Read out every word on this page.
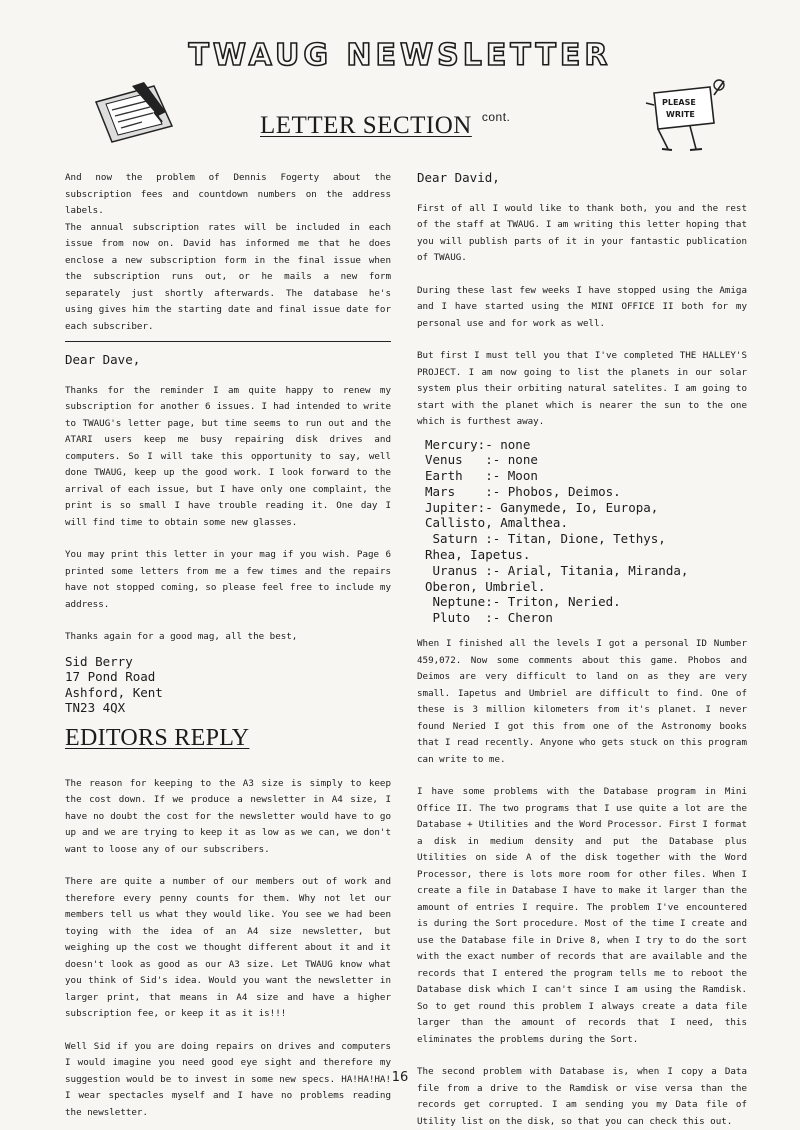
TWAUG NEWSLETTER
PLEASE
WRITE
LETTER SECTION cont.

And now the problem of Dennis Fogerty about the subscription fees and countdown numbers on the address labels.

The annual subscription rates will be included in each issue from now on. David has informed me that he does enclose a new subscription form in the final issue when the subscription runs out, or he mails a new form separately just shortly afterwards. The database he's using gives him the starting date and final issue date for each subscriber.

Dear Dave,

Thanks for the reminder I am quite happy to renew my subscription for another 6 issues. I had intended to write to TWAUG's letter page, but time seems to run out and the ATARI users keep me busy repairing disk drives and computers. So I will take this opportunity to say, well done TWAUG, keep up the good work. I look forward to the arrival of each issue, but I have only one complaint, the print is so small I have trouble reading it. One day I will find time to obtain some new glasses.

You may print this letter in your mag if you wish. Page 6 printed some letters from me a few times and the repairs have not stopped coming, so please feel free to include my address.

Thanks again for a good mag, all the best,

Sid Berry
17 Pond Road
Ashford, Kent
TN23 4QX
EDITORS REPLY

The reason for keeping to the A3 size is simply to keep the cost down. If we produce a newsletter in A4 size, I have no doubt the cost for the newsletter would have to go up and we are trying to keep it as low as we can, we don't want to loose any of our subscribers.

There are quite a number of our members out of work and therefore every penny counts for them. Why not let our members tell us what they would like. You see we had been toying with the idea of an A4 size newsletter, but weighing up the cost we thought different about it and it doesn't look as good as our A3 size. Let TWAUG know what you think of Sid's idea. Would you want the newsletter in larger print, that means in A4 size and have a higher subscription fee, or keep it as it is!!!

Well Sid if you are doing repairs on drives and computers I would imagine you need good eye sight and therefore my suggestion would be to invest in some new specs. HA!HA!HA! I wear spectacles myself and I have no problems reading the newsletter.

Dear David,

First of all I would like to thank both, you and the rest of the staff at TWAUG. I am writing this letter hoping that you will publish parts of it in your fantastic publication of TWAUG.

During these last few weeks I have stopped using the Amiga and I have started using the MINI OFFICE II both for my personal use and for work as well.

But first I must tell you that I've completed THE HALLEY'S PROJECT. I am now going to list the planets in our solar system plus their orbiting natural satelites. I am going to start with the planet which is nearer the sun to the one which is furthest away.

Mercury:- none
Venus   :- none
Earth   :- Moon
Mars    :- Phobos, Deimos.
Jupiter:- Ganymede, Io, Europa,
Callisto, Amalthea.
Saturn :- Titan, Dione, Tethys,
Rhea, Iapetus.
Uranus :- Arial, Titania, Miranda,
Oberon, Umbriel.
Neptune:- Triton, Neried.
Pluto  :- Cheron

When I finished all the levels I got a personal ID Number 459,072. Now some comments about this game. Phobos and Deimos are very difficult to land on as they are very small. Iapetus and Umbriel are difficult to find. One of these is 3 million kilometers from it's planet. I never found Neried I got this from one of the Astronomy books that I read recently. Anyone who gets stuck on this program can write to me.

I have some problems with the Database program in Mini Office II. The two programs that I use quite a lot are the Database + Utilities and the Word Processor. First I format a disk in medium density and put the Database plus Utilities on side A of the disk together with the Word Processor, there is lots more room for other files. When I create a file in Database I have to make it larger than the amount of entries I require. The problem I've encountered is during the Sort procedure. Most of the time I create and use the Database file in Drive 8, when I try to do the sort with the exact number of records that are available and the records that I entered the program tells me to reboot the Database disk which I can't since I am using the Ramdisk. So to get round this problem I always create a data file larger than the amount of records that I need, this eliminates the problems during the Sort.

The second problem with Database is, when I copy a Data file from a drive to the Ramdisk or vise versa than the records get corrupted. I am sending you my Data file of Utility list on the disk, so that you can check this out.

16
